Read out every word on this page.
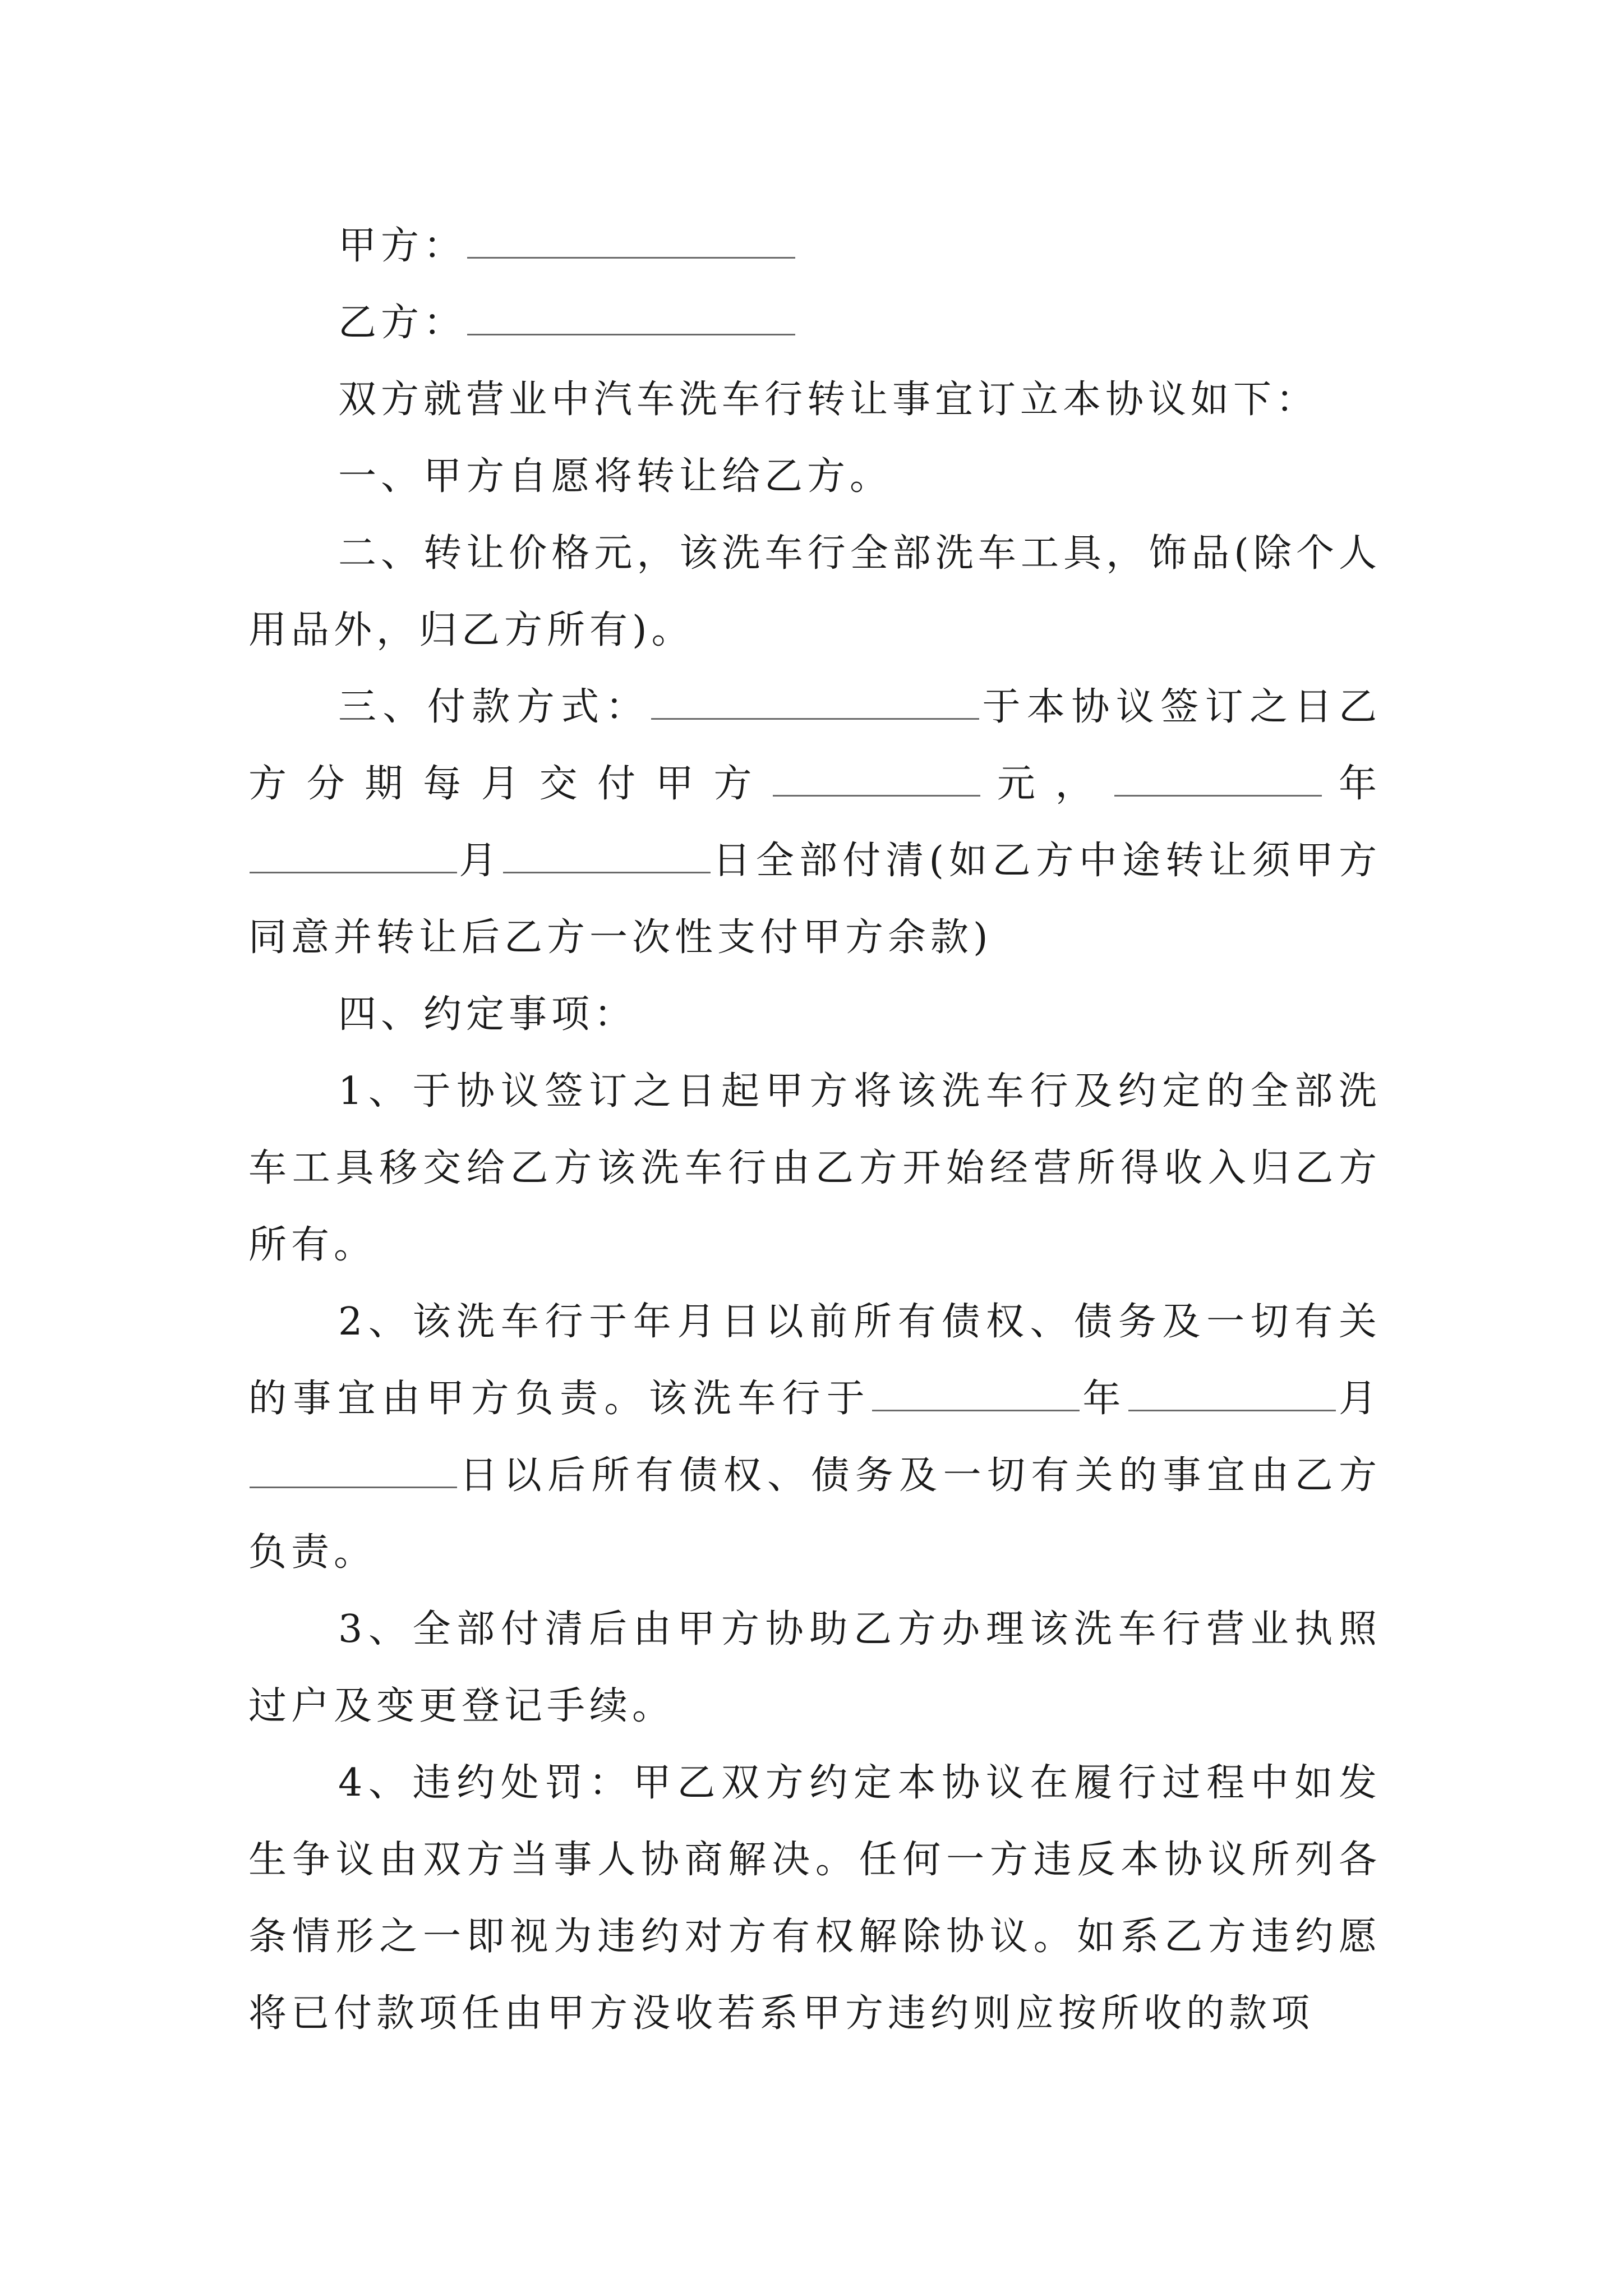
甲方：

乙方：

双方就营业中汽车洗车行转让事宜订立本协议如下：

一、甲方自愿将转让给乙方。

二、转让价格元，该洗车行全部洗车工具，饰品(除个人用品外，归乙方所有)。

三、付款方式：	于本协议签订之日乙方分期每月交付甲方	元，	年月	日全部付清(如乙方中途转让须甲方同意并转让后乙方一次性支付甲方余款)

四、约定事项：

1、于协议签订之日起甲方将该洗车行及约定的全部洗车工具移交给乙方该洗车行由乙方开始经营所得收入归乙方所有。

2、该洗车行于年月日以前所有债权、债务及一切有关的事宜由甲方负责。该洗车行于	年	月日以后所有债权、债务及一切有关的事宜由乙方负责。

3、全部付清后由甲方协助乙方办理该洗车行营业执照过户及变更登记手续。

4、违约处罚：甲乙双方约定本协议在履行过程中如发生争议由双方当事人协商解决。任何一方违反本协议所列各条情形之一即视为违约对方有权解除协议。如系乙方违约愿将已付款项任由甲方没收若系甲方违约则应按所收的款项
